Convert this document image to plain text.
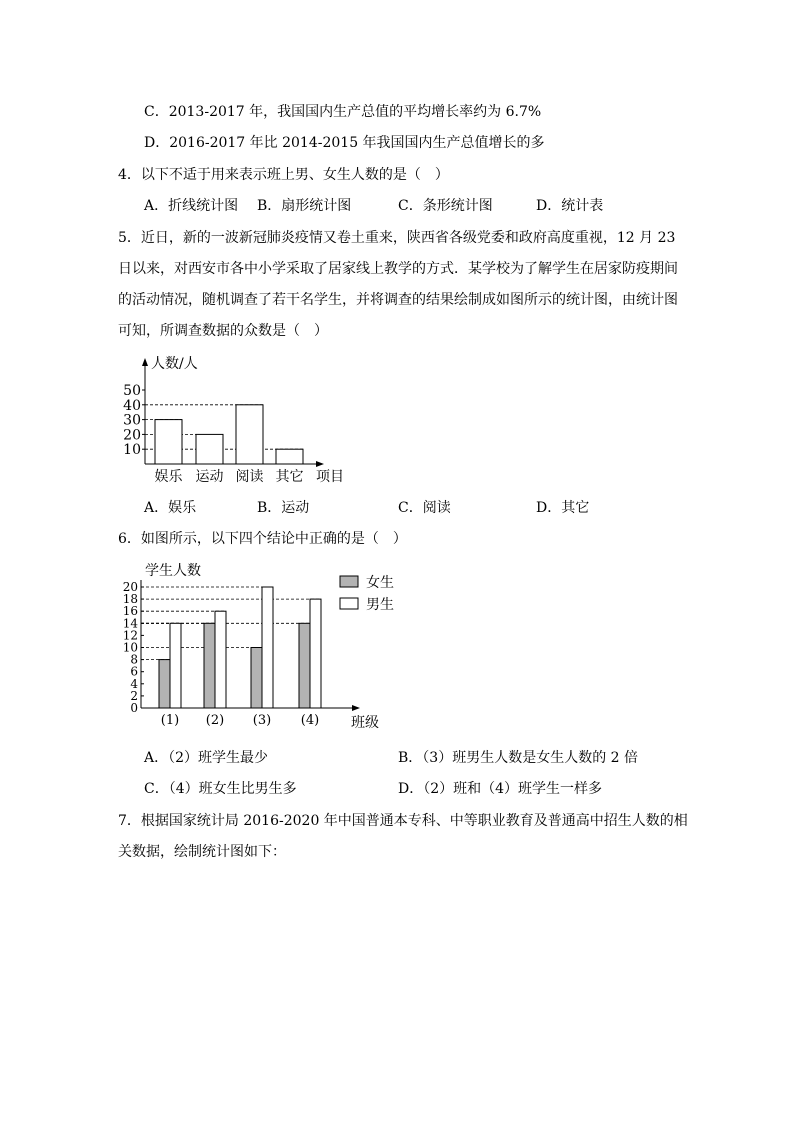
C．2013-2017 年，我国国内生产总值的平均增长率约为 6.7%
D．2016-2017 年比 2014-2015 年我国国内生产总值增长的多
4．以下不适于用来表示班上男、女生人数的是（　）
A．折线统计图 B．扇形统计图	C．条形统计图	D．统计表
5．近日，新的一波新冠肺炎疫情又卷土重来，陕西省各级党委和政府高度重视，12 月 23
日以来，对西安市各中小学采取了居家线上教学的方式．某学校为了解学生在居家防疫期间
的活动情况，随机调查了若干名学生，并将调查的结果绘制成如图所示的统计图，由统计图
可知，所调查数据的众数是（　）
10
20
30
40
50
娱乐 运动 阅读 其它
人数/人
项目
A．娱乐	B．运动	C．阅读	D．其它
6．如图所示，以下四个结论中正确的是（　）
0
2
4
6
8
10
12
14
16
18
20
(1) (2) (3) (4)
学生人数
班级
女生
男生
A．（2）班学生最少	B．（3）班男生人数是女生人数的 2 倍
C．（4）班女生比男生多	D．（2）班和（4）班学生一样多
7．根据国家统计局 2016-2020 年中国普通本专科、中等职业教育及普通高中招生人数的相
关数据，绘制统计图如下：
